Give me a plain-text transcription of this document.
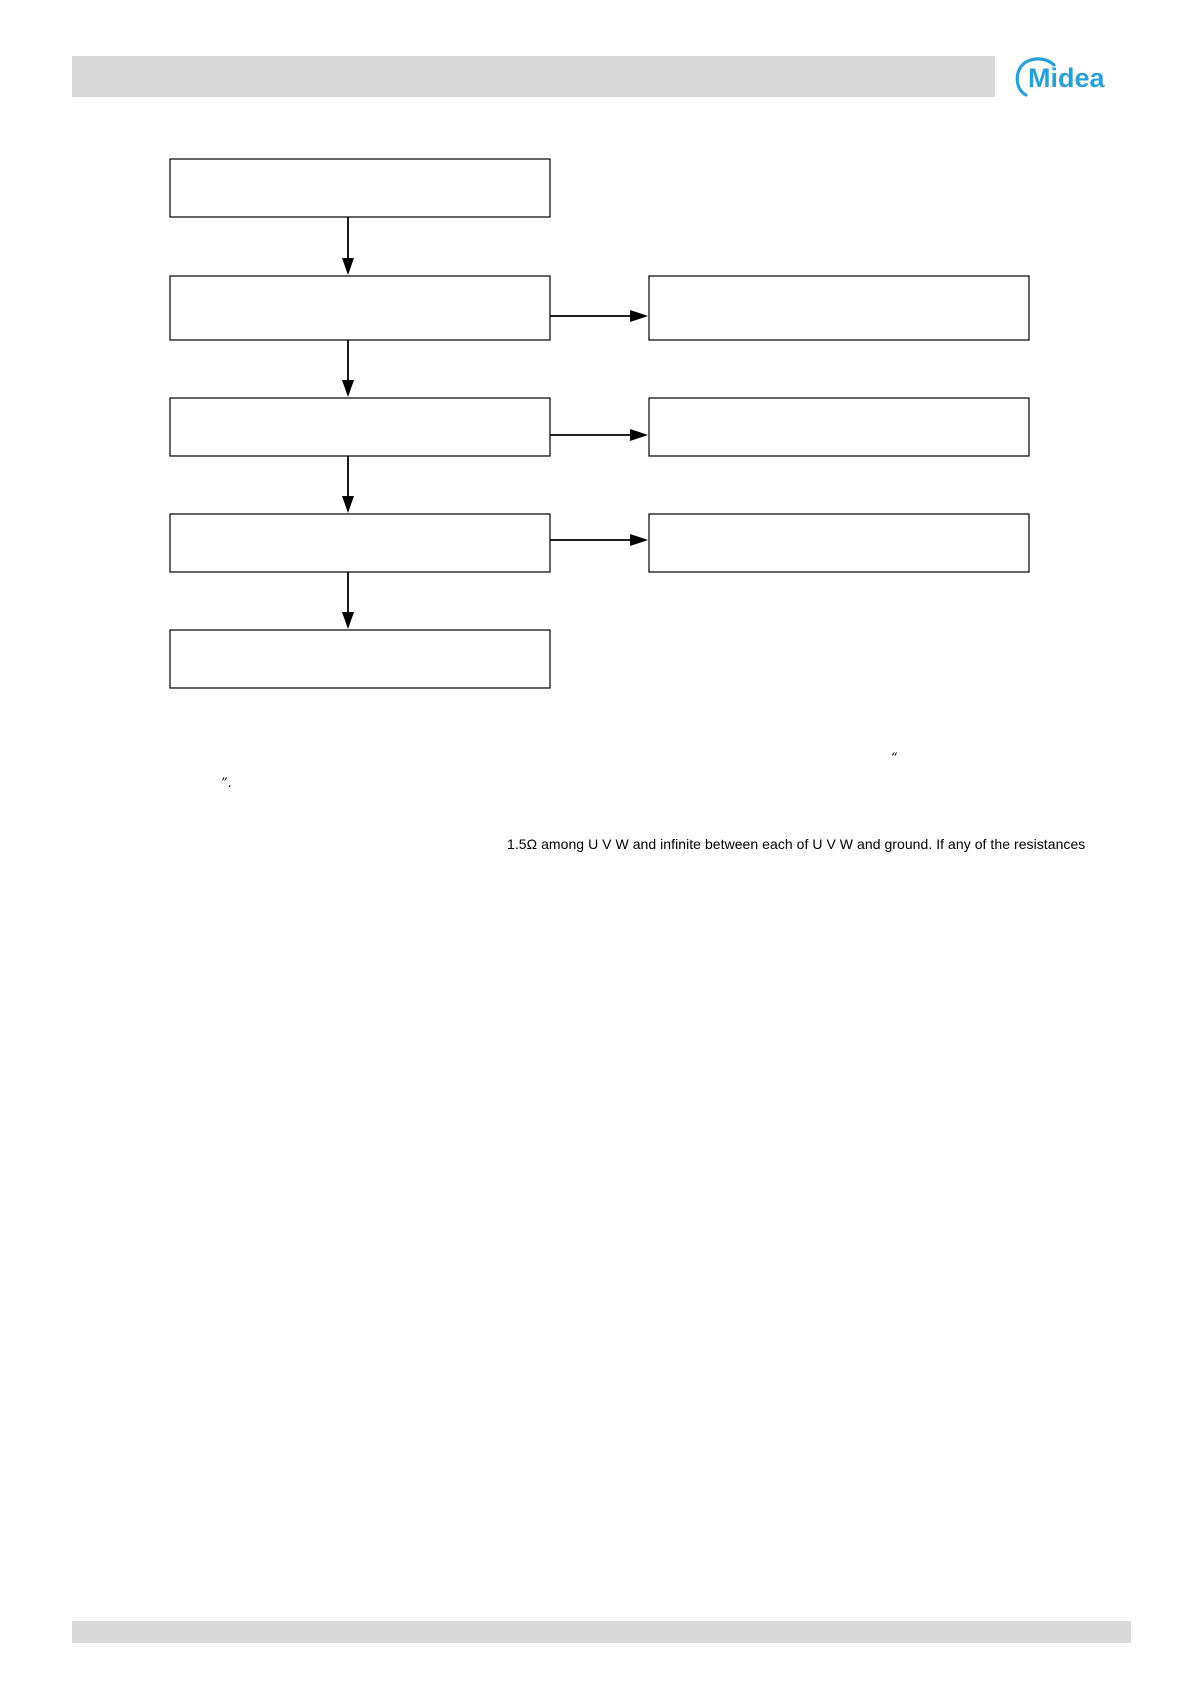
Midea
“
”.
1.5Ω among U V W and infinite between each of U V W and ground. If any of the resistances
